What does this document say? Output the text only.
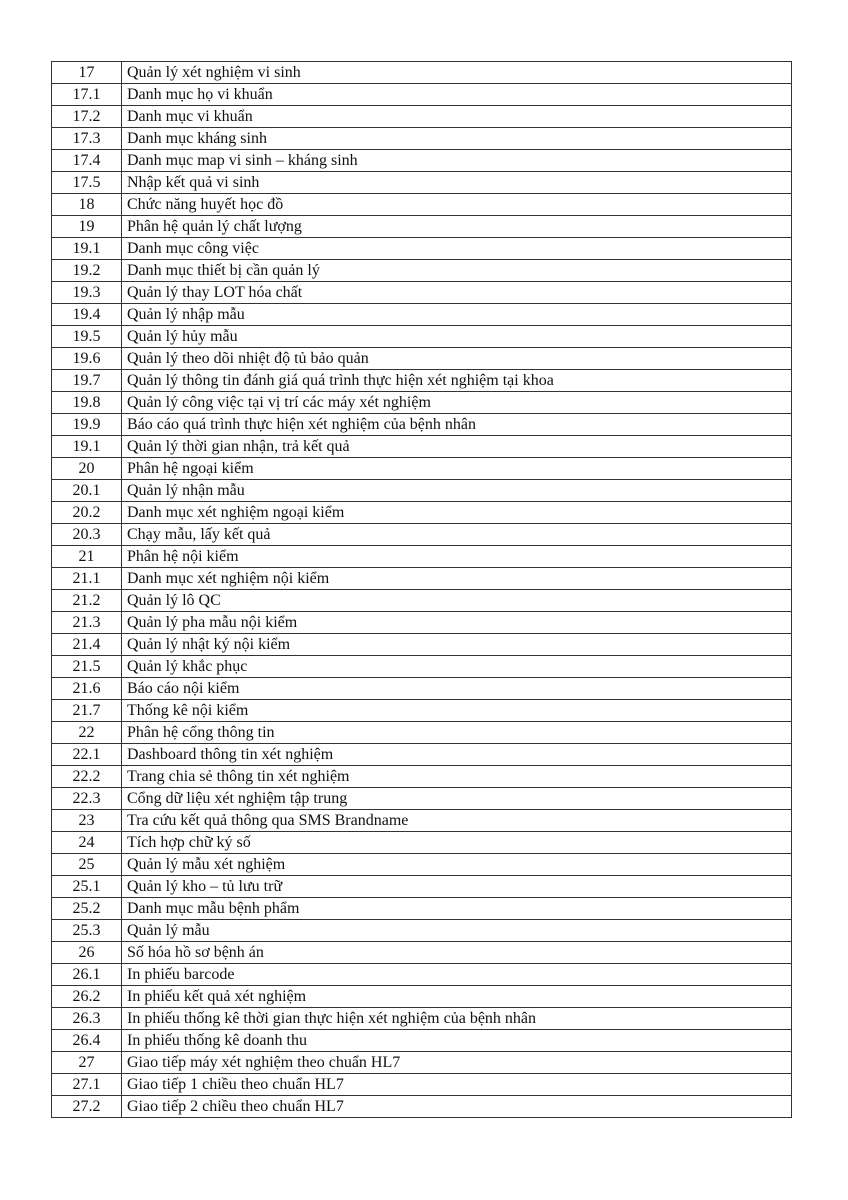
17	Quản lý xét nghiệm vi sinh
17.1	Danh mục họ vi khuẩn
17.2	Danh mục vi khuẩn
17.3	Danh mục kháng sinh
17.4	Danh mục map vi sinh – kháng sinh
17.5	Nhập kết quả vi sinh
18	Chức năng huyết học đồ
19	Phân hệ quản lý chất lượng
19.1	Danh mục công việc
19.2	Danh mục thiết bị cần quản lý
19.3	Quản lý thay LOT hóa chất
19.4	Quản lý nhập mẫu
19.5	Quản lý hủy mẫu
19.6	Quản lý theo dõi nhiệt độ tủ bảo quản
19.7	Quản lý thông tin đánh giá quá trình thực hiện xét nghiệm tại khoa
19.8	Quản lý công việc tại vị trí các máy xét nghiệm
19.9	Báo cáo quá trình thực hiện xét nghiệm của bệnh nhân
19.1	Quản lý thời gian nhận, trả kết quả
20	Phân hệ ngoại kiểm
20.1	Quản lý nhận mẫu
20.2	Danh mục xét nghiệm ngoại kiểm
20.3	Chạy mẫu, lấy kết quả
21	Phân hệ nội kiểm
21.1	Danh mục xét nghiệm nội kiểm
21.2	Quản lý lô QC
21.3	Quản lý pha mẫu nội kiểm
21.4	Quản lý nhật ký nội kiểm
21.5	Quản lý khắc phục
21.6	Báo cáo nội kiểm
21.7	Thống kê nội kiểm
22	Phân hệ cổng thông tin
22.1	Dashboard thông tin xét nghiệm
22.2	Trang chia sẻ thông tin xét nghiệm
22.3	Cổng dữ liệu xét nghiệm tập trung
23	Tra cứu kết quả thông qua SMS Brandname
24	Tích hợp chữ ký số
25	Quản lý mẫu xét nghiệm
25.1	Quản lý kho – tủ lưu trữ
25.2	Danh mục mẫu bệnh phẩm
25.3	Quản lý mẫu
26	Số hóa hồ sơ bệnh án
26.1	In phiếu barcode
26.2	In phiếu kết quả xét nghiệm
26.3	In phiếu thống kê thời gian thực hiện xét nghiệm của bệnh nhân
26.4	In phiếu thống kê doanh thu
27	Giao tiếp máy xét nghiệm theo chuẩn HL7
27.1	Giao tiếp 1 chiều theo chuẩn HL7
27.2	Giao tiếp 2 chiều theo chuẩn HL7
